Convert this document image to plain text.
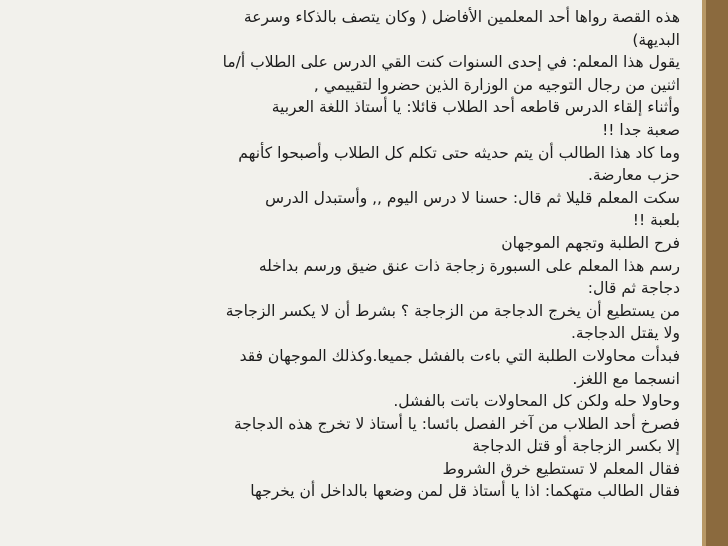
هذه القصة رواها أحد المعلمين الأفاضل ( وكان يتصف بالذكاء وسرعة
البديهة)
يقول هذا المعلم: في إحدى السنوات كنت القي الدرس على الطلاب أ/ما
اثنين من رجال التوجيه من الوزارة الذين حضروا لتقييمي ,
وأثناء إلقاء الدرس قاطعه أحد الطلاب قائلا: يا أستاذ اللغة العربية
صعبة جدا !!
وما كاد هذا الطالب أن يتم حديثه حتى تكلم كل الطلاب وأصبحوا كأنهم
حزب معارضة.
سكت المعلم قليلا ثم قال: حسنا لا درس اليوم ,, وأستبدل الدرس
بلعبة !!
فرح الطلبة وتجهم الموجهان
رسم هذا المعلم على السبورة زجاجة ذات عنق ضيق ورسم بداخله
دجاجة ثم قال:
من يستطيع أن يخرج الدجاجة من الزجاجة ؟ بشرط أن لا يكسر الزجاجة
ولا يقتل الدجاجة.
فبدأت محاولات الطلبة التي باءت بالفشل جميعا.وكذلك الموجهان فقد
انسجما مع اللغز.
وحاولا حله ولكن كل المحاولات باتت بالفشل.
فصرخ أحد الطلاب من آخر الفصل بائسا: يا أستاذ لا تخرج هذه الدجاجة
إلا بكسر الزجاجة أو قتل الدجاجة
فقال المعلم لا تستطيع خرق الشروط
فقال الطالب متهكما: اذا يا أستاذ قل لمن وضعها بالداخل أن يخرجها
